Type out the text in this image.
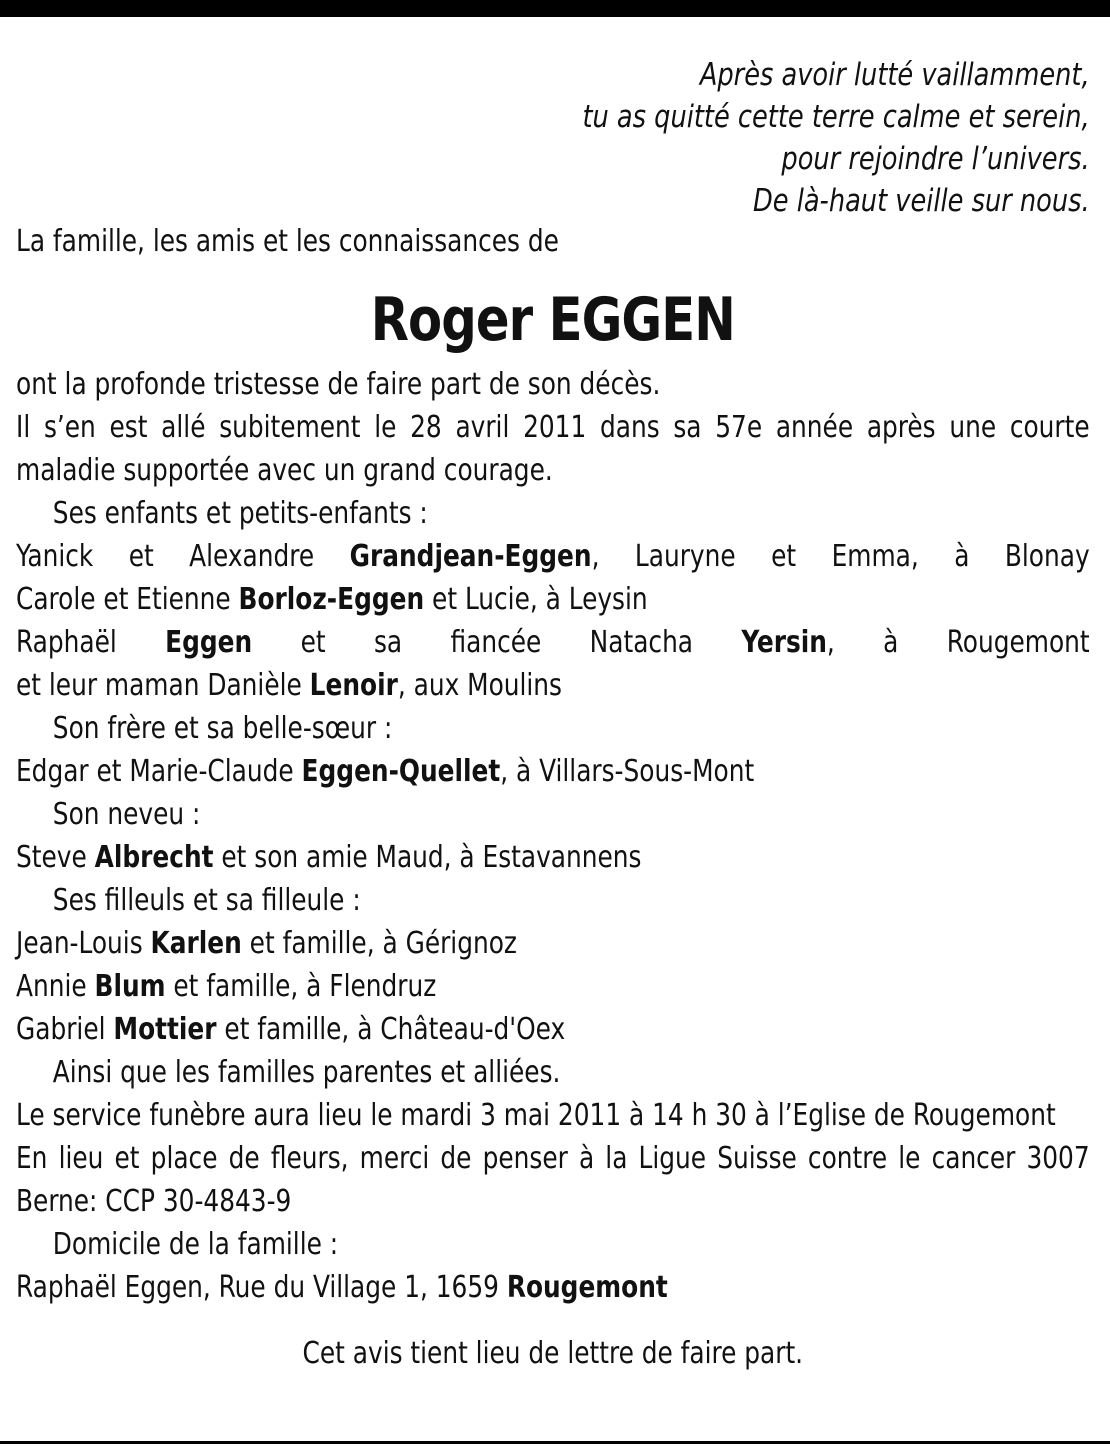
Après avoir lutté vaillamment,
tu as quitté cette terre calme et serein,
pour rejoindre l’univers.
De là-haut veille sur nous.
La famille, les amis et les connaissances de
Roger EGGEN
ont la profonde tristesse de faire part de son décès.
Il s’en est allé subitement le 28 avril 2011 dans sa 57e année après une courte maladie supportée avec un grand courage.
Ses enfants et petits-enfants :
Yanick et Alexandre Grandjean-Eggen, Lauryne et Emma, à Blonay
Carole et Etienne Borloz-Eggen et Lucie, à Leysin
Raphaël Eggen et sa fiancée Natacha Yersin, à Rougemont
et leur maman Danièle Lenoir, aux Moulins
Son frère et sa belle-sœur :
Edgar et Marie-Claude Eggen-Quellet, à Villars-Sous-Mont
Son neveu :
Steve Albrecht et son amie Maud, à Estavannens
Ses filleuls et sa filleule :
Jean-Louis Karlen et famille, à Gérignoz
Annie Blum et famille, à Flendruz
Gabriel Mottier et famille, à Château-d'Oex
Ainsi que les familles parentes et alliées.
Le service funèbre aura lieu le mardi 3 mai 2011 à 14 h 30 à l’Eglise de Rougemont
En lieu et place de fleurs, merci de penser à la Ligue Suisse contre le cancer 3007 Berne: CCP 30-4843-9
Domicile de la famille :
Raphaël Eggen, Rue du Village 1, 1659 Rougemont
Cet avis tient lieu de lettre de faire part.
